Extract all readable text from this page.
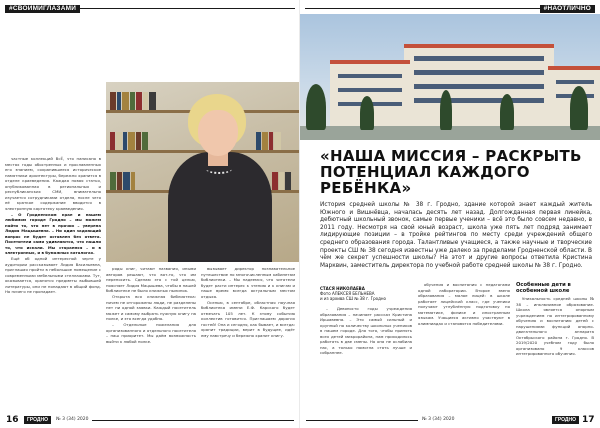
#СВОИМИГЛАЗАМИ

частные коллекций ВсЁ, что написано в местах годы обостренных и прославленных его знанием, сохранившееся историческое памятники архитектуры, бережно хранится в отделе краеведения. Каждая новая статья, опубликованная в региональных и республиканских СМИ, внимательно изучается сотрудниками отдела, после чего её краткое содержание вводится в электронную картотеку краеведения.

– О Гродненском крае и нашем любимом городе Гродно – мы можем найти то, что нет в прочих – уверена Лидия Мацышевна. – Ни один задающий вопрос не будет оставлен без ответа. Посетители сами удивляются, что нашли то, что искали. Мы стараемся – и в электронных, и в бумажных каталогах.

Ещё об одной интересной черте у аудитории рассказывает Лидия Васильевна, приглашая пройти в небольшое помещение с современными мебельными стеллажами. Тут, оказывается, хранятся предметы выбывшей литературы, они не попадают в общий фонд. Но ничего не пропадает.

ряды книг, читают названия, иными авторов решают, что вот-то, что им переносить. Сделаю это с той целью, поясняет Лидия Мацышева, чтобы в нашей библиотеке не было книжных пылинок.

Открыта вся книжная библиотека: ничем не отгорожены люди, не разделены нет ни одной заявки. Каждый посетитель может и самому выбрать нужную книгу на полке, и это всегда удобно.

– Отдельные пожелания для организованного и отдельного посетителя – наш приоритет. Мы даём возможность выйти к любой полке.

вызывает директор познавательное путешествие по многочисленным кабинетам библиотеки. – Мы надеемся, что читатели будет расти интерес к чтению и к книгам и наше время всегда актуальным местом отдыха.

Осенью, в сентябре, областная научная библиотека имени Е.Ф. Карского будет отмечать 105 лет. К этому событию коллектив готовится. Приглашаем дорогих гостей! Она и сегодня, как бывает, и всегда: хранит традиции, верит в будущее, идёт ему навстречу и бережно хранит книгу.

16	ГРОДНО	№ 3 (34) 2020
#НАОТЛИЧНО
«НАША МИССИЯ – РАСКРЫТЬ ПОТЕНЦИАЛ КАЖДОГО РЕБЁНКА»
История средней школы № 38 г. Гродно, здание которой знает каждый житель Южного и Вишнёвца, началась десять лет назад. Долгожданная первая линейка, дебютный школьный звонок, самые первые ученики – всё это было совсем недавно, в 2011 году. Несмотря на свой юный возраст, школа уже пять лет подряд занимает лидирующие позиции – в тройке рейтингов по месту среди учреждений общего среднего образования города. Талантливые учащиеся, а также научные и творческие проекты СШ № 38 сегодня известны уже далеко за пределами Гродненской области. В чём же секрет успешности школы? На этот и другие вопросы ответила Кристина Марквин, заместитель директора по учебной работе средней школы № 38 г. Гродно.
СТАСЯ НИКОЛАЕВА
Фото АЛЕКСЕЯ БЕЛЬНЕВА
и из архива СШ № 38 г. Гродно

– Девяносто годы учреждения образования – начинает рассказ Кристина Иршавевна. – Это самый сильный и крупный по количеству школьных учеников в нашем городе. Для того, чтобы принять всех детей микрорайона, нам приходилось работать в две смены. Но она не ослабила нас, а только помогла стать лучше и собраннее.

обучения и воспитания с педагогами одной лаборатории. Второе звено образования – малое лицей: в школе работает лицейский класс, где ученики получают углублённую подготовку по математике, физике и иностранным языкам. Учащиеся активно участвуют в олимпиадах и становятся победителями.

Особенные дети в особенной школе

Уникальность средней школы № 38 – инклюзивное образование. Школа является опорным учреждением по интегрированному обучению и воспитанию детей с нарушениями функций опорно-двигательного аппарата Октябрьского района г. Гродно. В 2019/2020 учебном году было организовано 9 классов интегрированного обучения.

№ 3 (34) 2020	ГРОДНО 17
